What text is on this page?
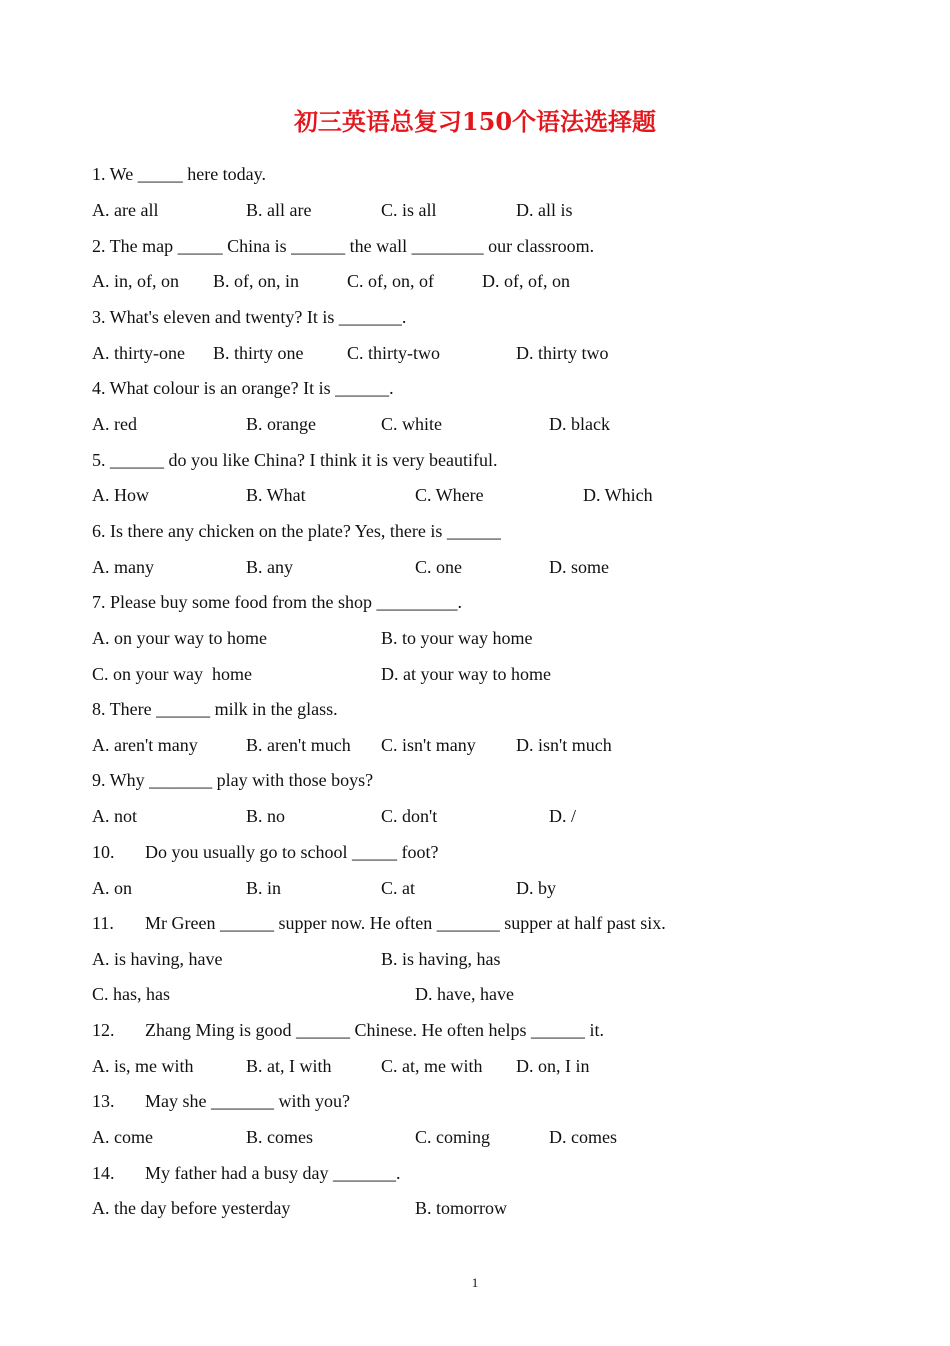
初三英语总复习150个语法选择题
1. We _____ here today.
A. are all	B. all are	C. is all	D. all is
2. The map _____ China is ______ the wall ________ our classroom.
A. in, of, on B. of, on, in	C. of, on, of	D. of, of, on
3. What's eleven and twenty? It is _______.
A. thirty-one B. thirty one C. thirty-two	D. thirty two
4. What colour is an orange? It is ______.
A. red	B. orange	C. white	D. black
5. ______ do you like China? I think it is very beautiful.
A. How	B. What	C. Where	D. Which
6. Is there any chicken on the plate? Yes, there is ______
A. many	B. any	C. one	D. some
7. Please buy some food from the shop _________.
A. on your way to home	B. to your way home
C. on your way  home	D. at your way to home
8. There ______ milk in the glass.
A. aren't many	B. aren't much C. isn't many D. isn't much
9. Why _______ play with those boys?
A. not	B. no	C. don't	D. /
10. Do you usually go to school _____ foot?
A. on	B. in	C. at	D. by
11. Mr Green ______ supper now. He often _______ supper at half past six.
A. is having, have	B. is having, has
C. has, has	D. have, have
12. Zhang Ming is good ______ Chinese. He often helps ______ it.
A. is, me with	B. at, I with	C. at, me with D. on, I in
13. May she _______ with you?
A. come	B. comes	C. coming	D. comes
14. My father had a busy day _______.
A. the day before yesterday	B. tomorrow
1
